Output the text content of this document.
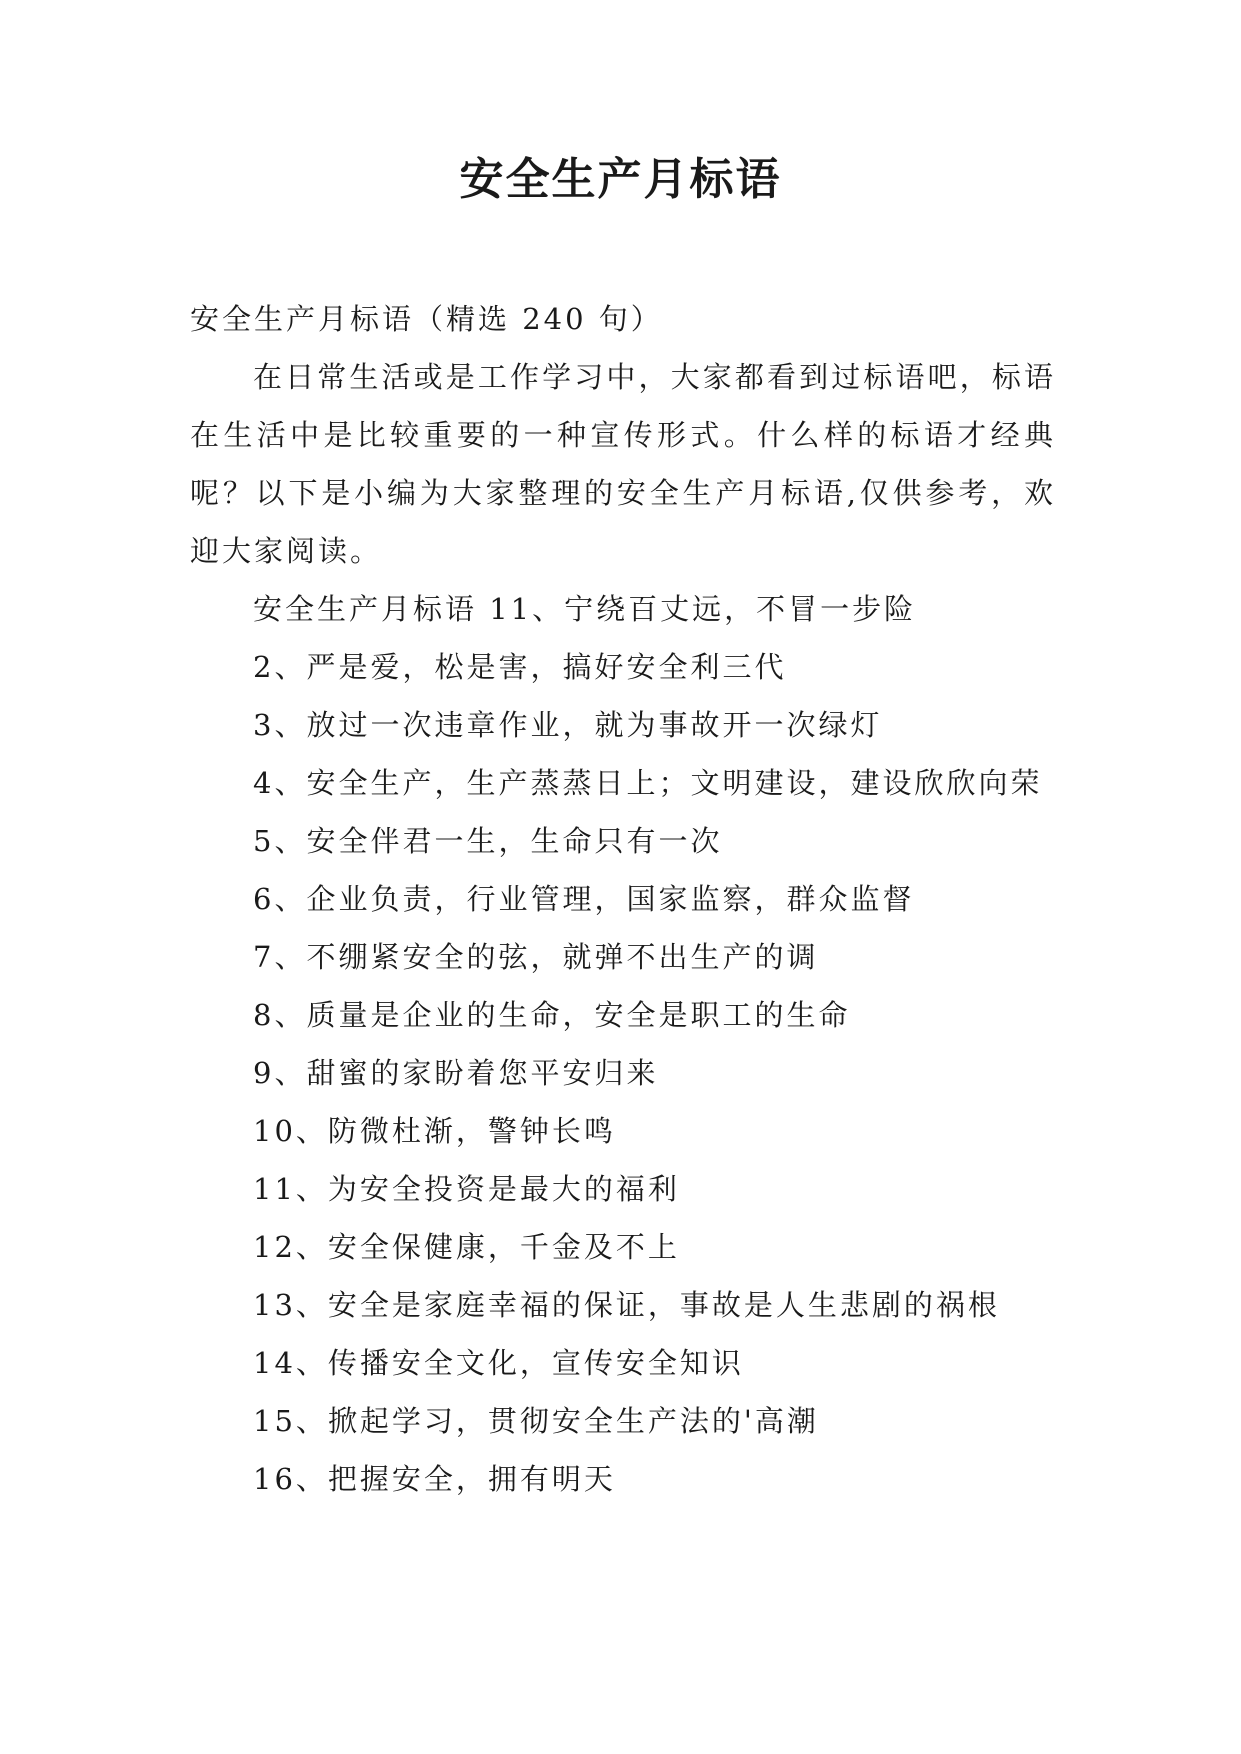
安全生产月标语

安全生产月标语（精选 240 句）

在日常生活或是工作学习中，大家都看到过标语吧，标语在生活中是比较重要的一种宣传形式。什么样的标语才经典呢？以下是小编为大家整理的安全生产月标语,仅供参考，欢迎大家阅读。

安全生产月标语 11、宁绕百丈远，不冒一步险

2、严是爱，松是害，搞好安全利三代

3、放过一次违章作业，就为事故开一次绿灯

4、安全生产，生产蒸蒸日上；文明建设，建设欣欣向荣

5、安全伴君一生，生命只有一次

6、企业负责，行业管理，国家监察，群众监督

7、不绷紧安全的弦，就弹不出生产的调

8、质量是企业的生命，安全是职工的生命

9、甜蜜的家盼着您平安归来

10、防微杜渐，警钟长鸣

11、为安全投资是最大的福利

12、安全保健康，千金及不上

13、安全是家庭幸福的保证，事故是人生悲剧的祸根

14、传播安全文化，宣传安全知识

15、掀起学习，贯彻安全生产法的'高潮

16、把握安全，拥有明天
